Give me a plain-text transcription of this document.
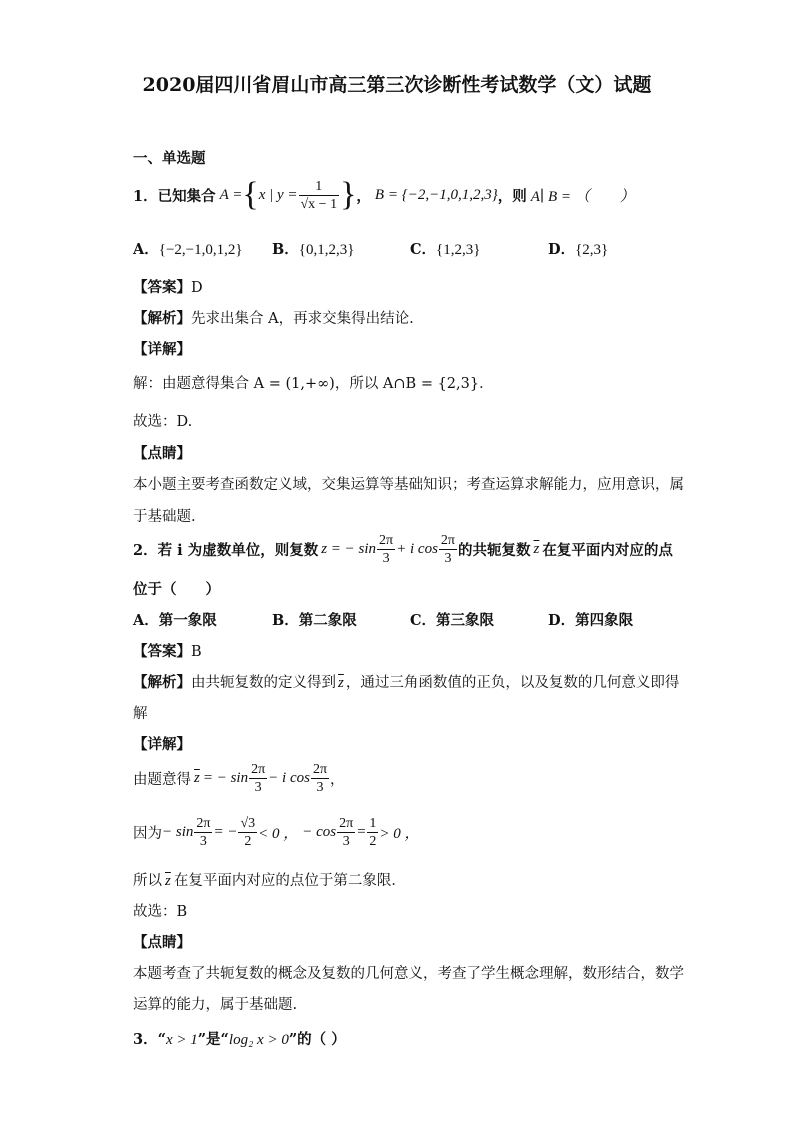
2020届四川省眉山市高三第三次诊断性考试数学（文）试题
一、单选题
1． 已知集合 A = { x | $y = \frac{1}{√x - 1}$ } ， B = {−2,−1,0,1,2,3} ，则 A∣ B = （　　）
A．{−2,−1,0,1,2} B．{0,1,2,3}	C．{1,2,3}	D．{2,3}
【答案】D
【解析】先求出集合 A，再求交集得出结论.
【详解】
解：由题意得集合 A = (1,+∞)，所以 A∩B = {2,3}．
故选：D.
【点睛】
本小题主要考查函数定义域，交集运算等基础知识；考查运算求解能力，应用意识，属
于基础题.
2． 若 i 为虚数单位，则复数 z = − $\sin \frac{2\pi}{3} + i$ $\cos \frac{2\pi}{3}$ 的共轭复数 $\overline{z}$ 在复平面内对应的点
位于（　　）
A．第一象限	B．第二象限	C．第三象限	D．第四象限
【答案】B
【解析】由共轭复数的定义得到 $\overline{z}$ ，通过三角函数值的正负，以及复数的几何意义即得
解
【详解】
由题意得 $\overline{z}$ = − $\sin \frac{2\pi}{3} - i$ $\cos \frac{2\pi}{3}$ ，
因为 − $\sin \frac{2\pi}{3}$ = − $\frac{√3}{2} < 0$ ， − $\cos \frac{2\pi}{3} = \frac{1}{2} > 0$ ，
所以 $\overline{z}$ 在复平面内对应的点位于第二象限．
故选：B
【点睛】
本题考查了共轭复数的概念及复数的几何意义，考查了学生概念理解，数形结合，数学
运算的能力，属于基础题.
3．“x > 1”是“log₂ x > 0”的（ ）
